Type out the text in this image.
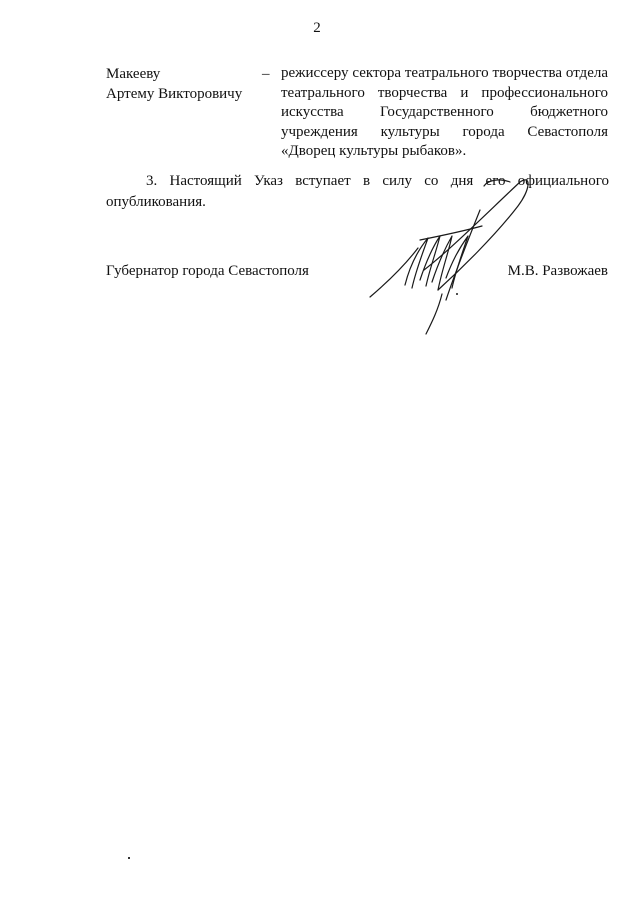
2
Макееву
Артему Викторовичу
– режиссеру сектора театрального творчества отдела
театрального творчества и профессионального
искусства Государственного бюджетного
учреждения культуры города Севастополя
«Дворец культуры рыбаков».
3. Настоящий Указ вступает в силу со дня его официального
опубликования.
Губернатор города Севастополя	М.В. Развожаев
